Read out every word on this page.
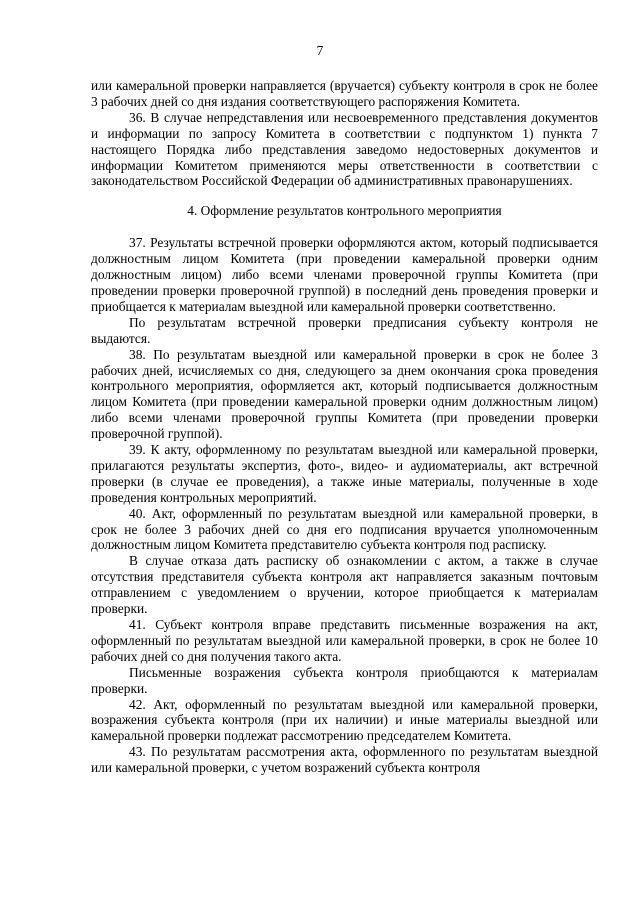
7

или камеральной проверки направляется (вручается) субъекту контроля в срок не более 3 рабочих дней со дня издания соответствующего распоряжения Комитета.

36. В случае непредставления или несвоевременного представления документов и информации по запросу Комитета в соответствии с подпунктом 1) пункта 7 настоящего Порядка либо представления заведомо недостоверных документов и информации Комитетом применяются меры ответственности в соответствии с законодательством Российской Федерации об административных правонарушениях.

4. Оформление результатов контрольного мероприятия

37. Результаты встречной проверки оформляются актом, который подписывается должностным лицом Комитета (при проведении камеральной проверки одним должностным лицом) либо всеми членами проверочной группы Комитета (при проведении проверки проверочной группой) в последний день проведения проверки и приобщается к материалам выездной или камеральной проверки соответственно.

По результатам встречной проверки предписания субъекту контроля не выдаются.

38. По результатам выездной или камеральной проверки в срок не более 3 рабочих дней, исчисляемых со дня, следующего за днем окончания срока проведения контрольного мероприятия, оформляется акт, который подписывается должностным лицом Комитета (при проведении камеральной проверки одним должностным лицом) либо всеми членами проверочной группы Комитета (при проведении проверки проверочной группой).

39. К акту, оформленному по результатам выездной или камеральной проверки, прилагаются результаты экспертиз, фото-, видео- и аудиоматериалы, акт встречной проверки (в случае ее проведения), а также иные материалы, полученные в ходе проведения контрольных мероприятий.

40. Акт, оформленный по результатам выездной или камеральной проверки, в срок не более 3 рабочих дней со дня его подписания вручается уполномоченным должностным лицом Комитета представителю субъекта контроля под расписку.

В случае отказа дать расписку об ознакомлении с актом, а также в случае отсутствия представителя субъекта контроля акт направляется заказным почтовым отправлением с уведомлением о вручении, которое приобщается к материалам проверки.

41. Субъект контроля вправе представить письменные возражения на акт, оформленный по результатам выездной или камеральной проверки, в срок не более 10 рабочих дней со дня получения такого акта.

Письменные возражения субъекта контроля приобщаются к материалам проверки.

42. Акт, оформленный по результатам выездной или камеральной проверки, возражения субъекта контроля (при их наличии) и иные материалы выездной или камеральной проверки подлежат рассмотрению председателем Комитета.

43. По результатам рассмотрения акта, оформленного по результатам выездной или камеральной проверки, с учетом возражений субъекта контроля
